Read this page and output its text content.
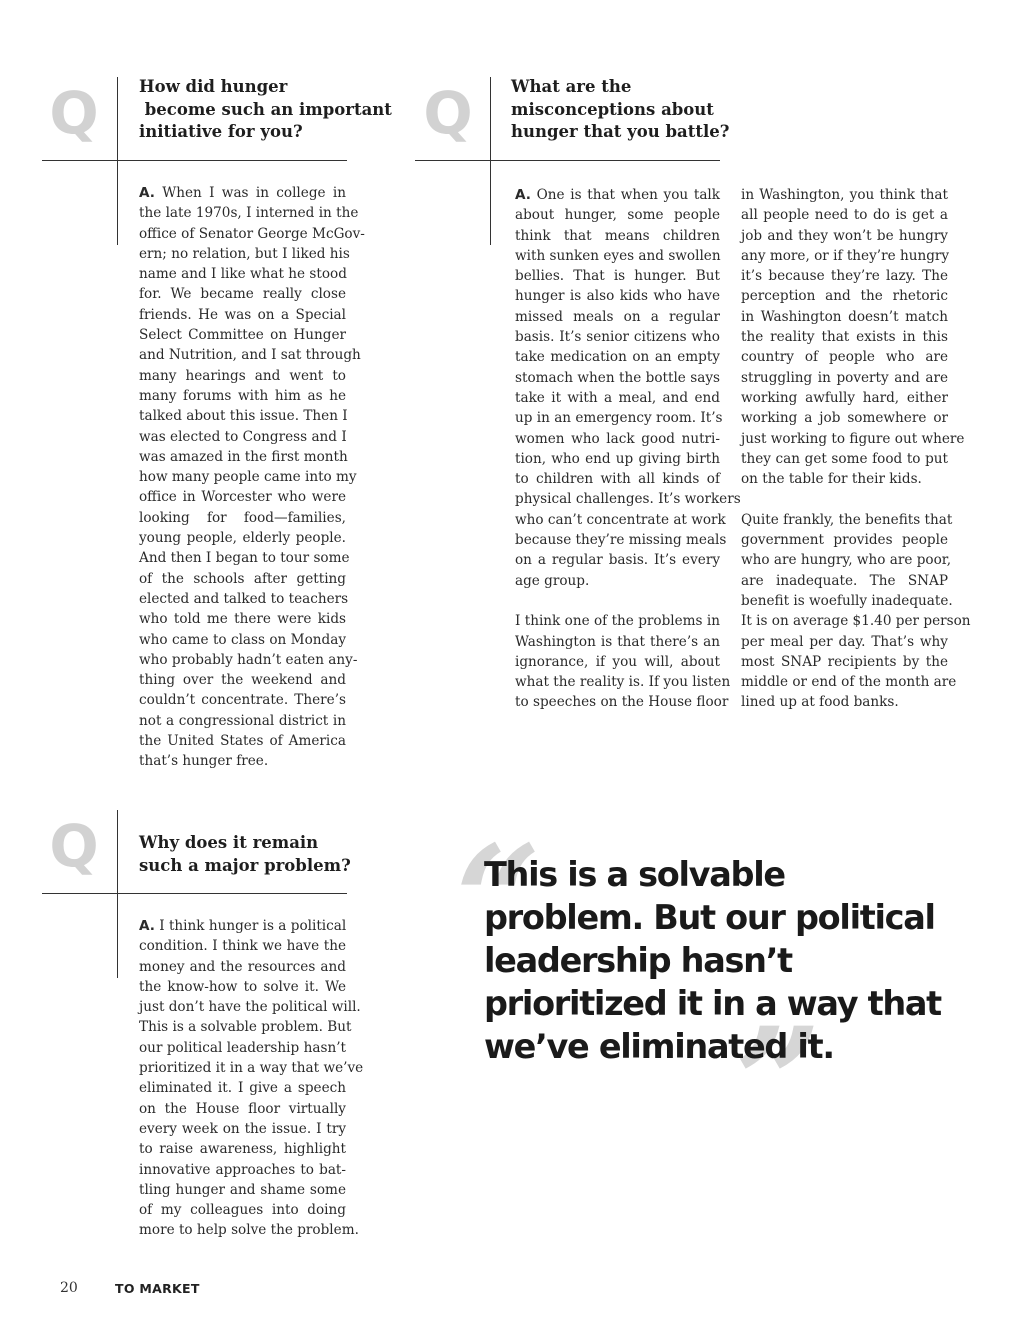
Q How did hunger
become such an important
initiative for you?
A. When I was in college in
the late 1970s, I interned in the
office of Senator George McGov-
ern; no relation, but I liked his
name and I like what he stood
for. We became really close
friends. He was on a Special
Select Committee on Hunger
and Nutrition, and I sat through
many hearings and went to
many forums with him as he
talked about this issue. Then I
was elected to Congress and I
was amazed in the first month
how many people came into my
office in Worcester who were
looking for food—families,
young people, elderly people.
And then I began to tour some
of the schools after getting
elected and talked to teachers
who told me there were kids
who came to class on Monday
who probably hadn’t eaten any-
thing over the weekend and
couldn’t concentrate. There’s
not a congressional district in
the United States of America
that’s hunger free.
Q What are the
misconceptions about
hunger that you battle?
A. One is that when you talk
about hunger, some people
think that means children
with sunken eyes and swollen
bellies. That is hunger. But
hunger is also kids who have
missed meals on a regular
basis. It’s senior citizens who
take medication on an empty
stomach when the bottle says
take it with a meal, and end
up in an emergency room. It’s
women who lack good nutri-
tion, who end up giving birth
to children with all kinds of
physical challenges. It’s workers
who can’t concentrate at work
because they’re missing meals
on a regular basis. It’s every
age group.
I think one of the problems in
Washington is that there’s an
ignorance, if you will, about
what the reality is. If you listen
to speeches on the House floor
in Washington, you think that
all people need to do is get a
job and they won’t be hungry
any more, or if they’re hungry
it’s because they’re lazy. The
perception and the rhetoric
in Washington doesn’t match
the reality that exists in this
country of people who are
struggling in poverty and are
working awfully hard, either
working a job somewhere or
just working to figure out where
they can get some food to put
on the table for their kids.
Quite frankly, the benefits that
government provides people
who are hungry, who are poor,
are inadequate. The SNAP
benefit is woefully inadequate.
It is on average $1.40 per person
per meal per day. That’s why
most SNAP recipients by the
middle or end of the month are
lined up at food banks.
Q Why does it remain
such a major problem?
A. I think hunger is a political
condition. I think we have the
money and the resources and
the know-how to solve it. We
just don’t have the political will.
This is a solvable problem. But
our political leadership hasn’t
prioritized it in a way that we’ve
eliminated it. I give a speech
on the House floor virtually
every week on the issue. I try
to raise awareness, highlight
innovative approaches to bat-
tling hunger and shame some
of my colleagues into doing
more to help solve the problem.
“
”
This is a solvable
problem. But our political
leadership hasn’t
prioritized it in a way that
we’ve eliminated it.
20	TO MARKET
